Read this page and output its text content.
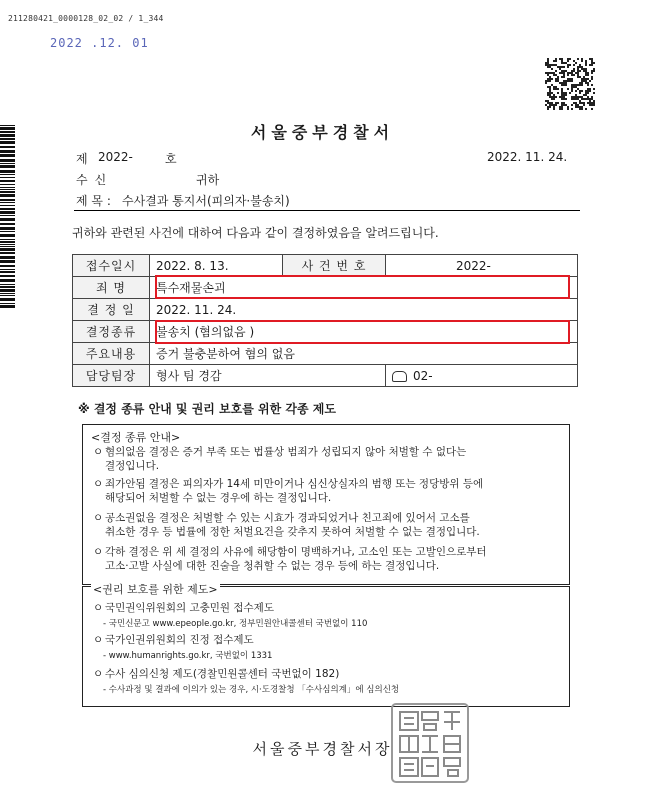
211280421_0000128_02_02 / 1_344
2022 .12. 01
서울중부경찰서
제 2022-	호	2022. 11. 24.
수신	귀하
제 목 : 수사결과 통지서(피의자·불송치)
귀하와 관련된 사건에 대하여 다음과 같이 결정하였음을 알려드립니다.
접수일시	2022. 8. 13.	사 건 번 호	2022-
죄 명	특수재물손괴		
결 정 일	2022. 11. 24.		
결정종류	불송치 (혐의없음 )		
주요내용	증거 불충분하여 혐의 없음		
담당팀장	형사 팀 경감		02-
※ 결정 종류 안내 및 권리 보호를 위한 각종 제도
<결정 종류 안내>
ㅇ 혐의없음 결정은 증거 부족 또는 법률상 범죄가 성립되지 않아 처벌할 수 없다는
결정입니다.
ㅇ 죄가안됨 결정은 피의자가 14세 미만이거나 심신상실자의 범행 또는 정당방위 등에
해당되어 처벌할 수 없는 경우에 하는 결정입니다.
ㅇ 공소권없음 결정은 처벌할 수 있는 시효가 경과되었거나 친고죄에 있어서 고소를
취소한 경우 등 법률에 정한 처벌요건을 갖추지 못하여 처벌할 수 없는 결정입니다.
ㅇ 각하 결정은 위 세 결정의 사유에 해당함이 명백하거나, 고소인 또는 고발인으로부터
고소·고발 사실에 대한 진술을 청취할 수 없는 경우 등에 하는 결정입니다.
<권리 보호를 위한 제도>
ㅇ 국민권익위원회의 고충민원 접수제도
- 국민신문고 www.epeople.go.kr, 정부민원안내콜센터 국번없이 110
ㅇ 국가인권위원회의 진정 접수제도
- www.humanrights.go.kr, 국번없이 1331
ㅇ 수사 심의신청 제도(경찰민원콜센터 국번없이 182)
- 수사과정 및 결과에 이의가 있는 경우, 시·도경찰청 「수사심의계」에 심의신청
서울중부경찰서장
